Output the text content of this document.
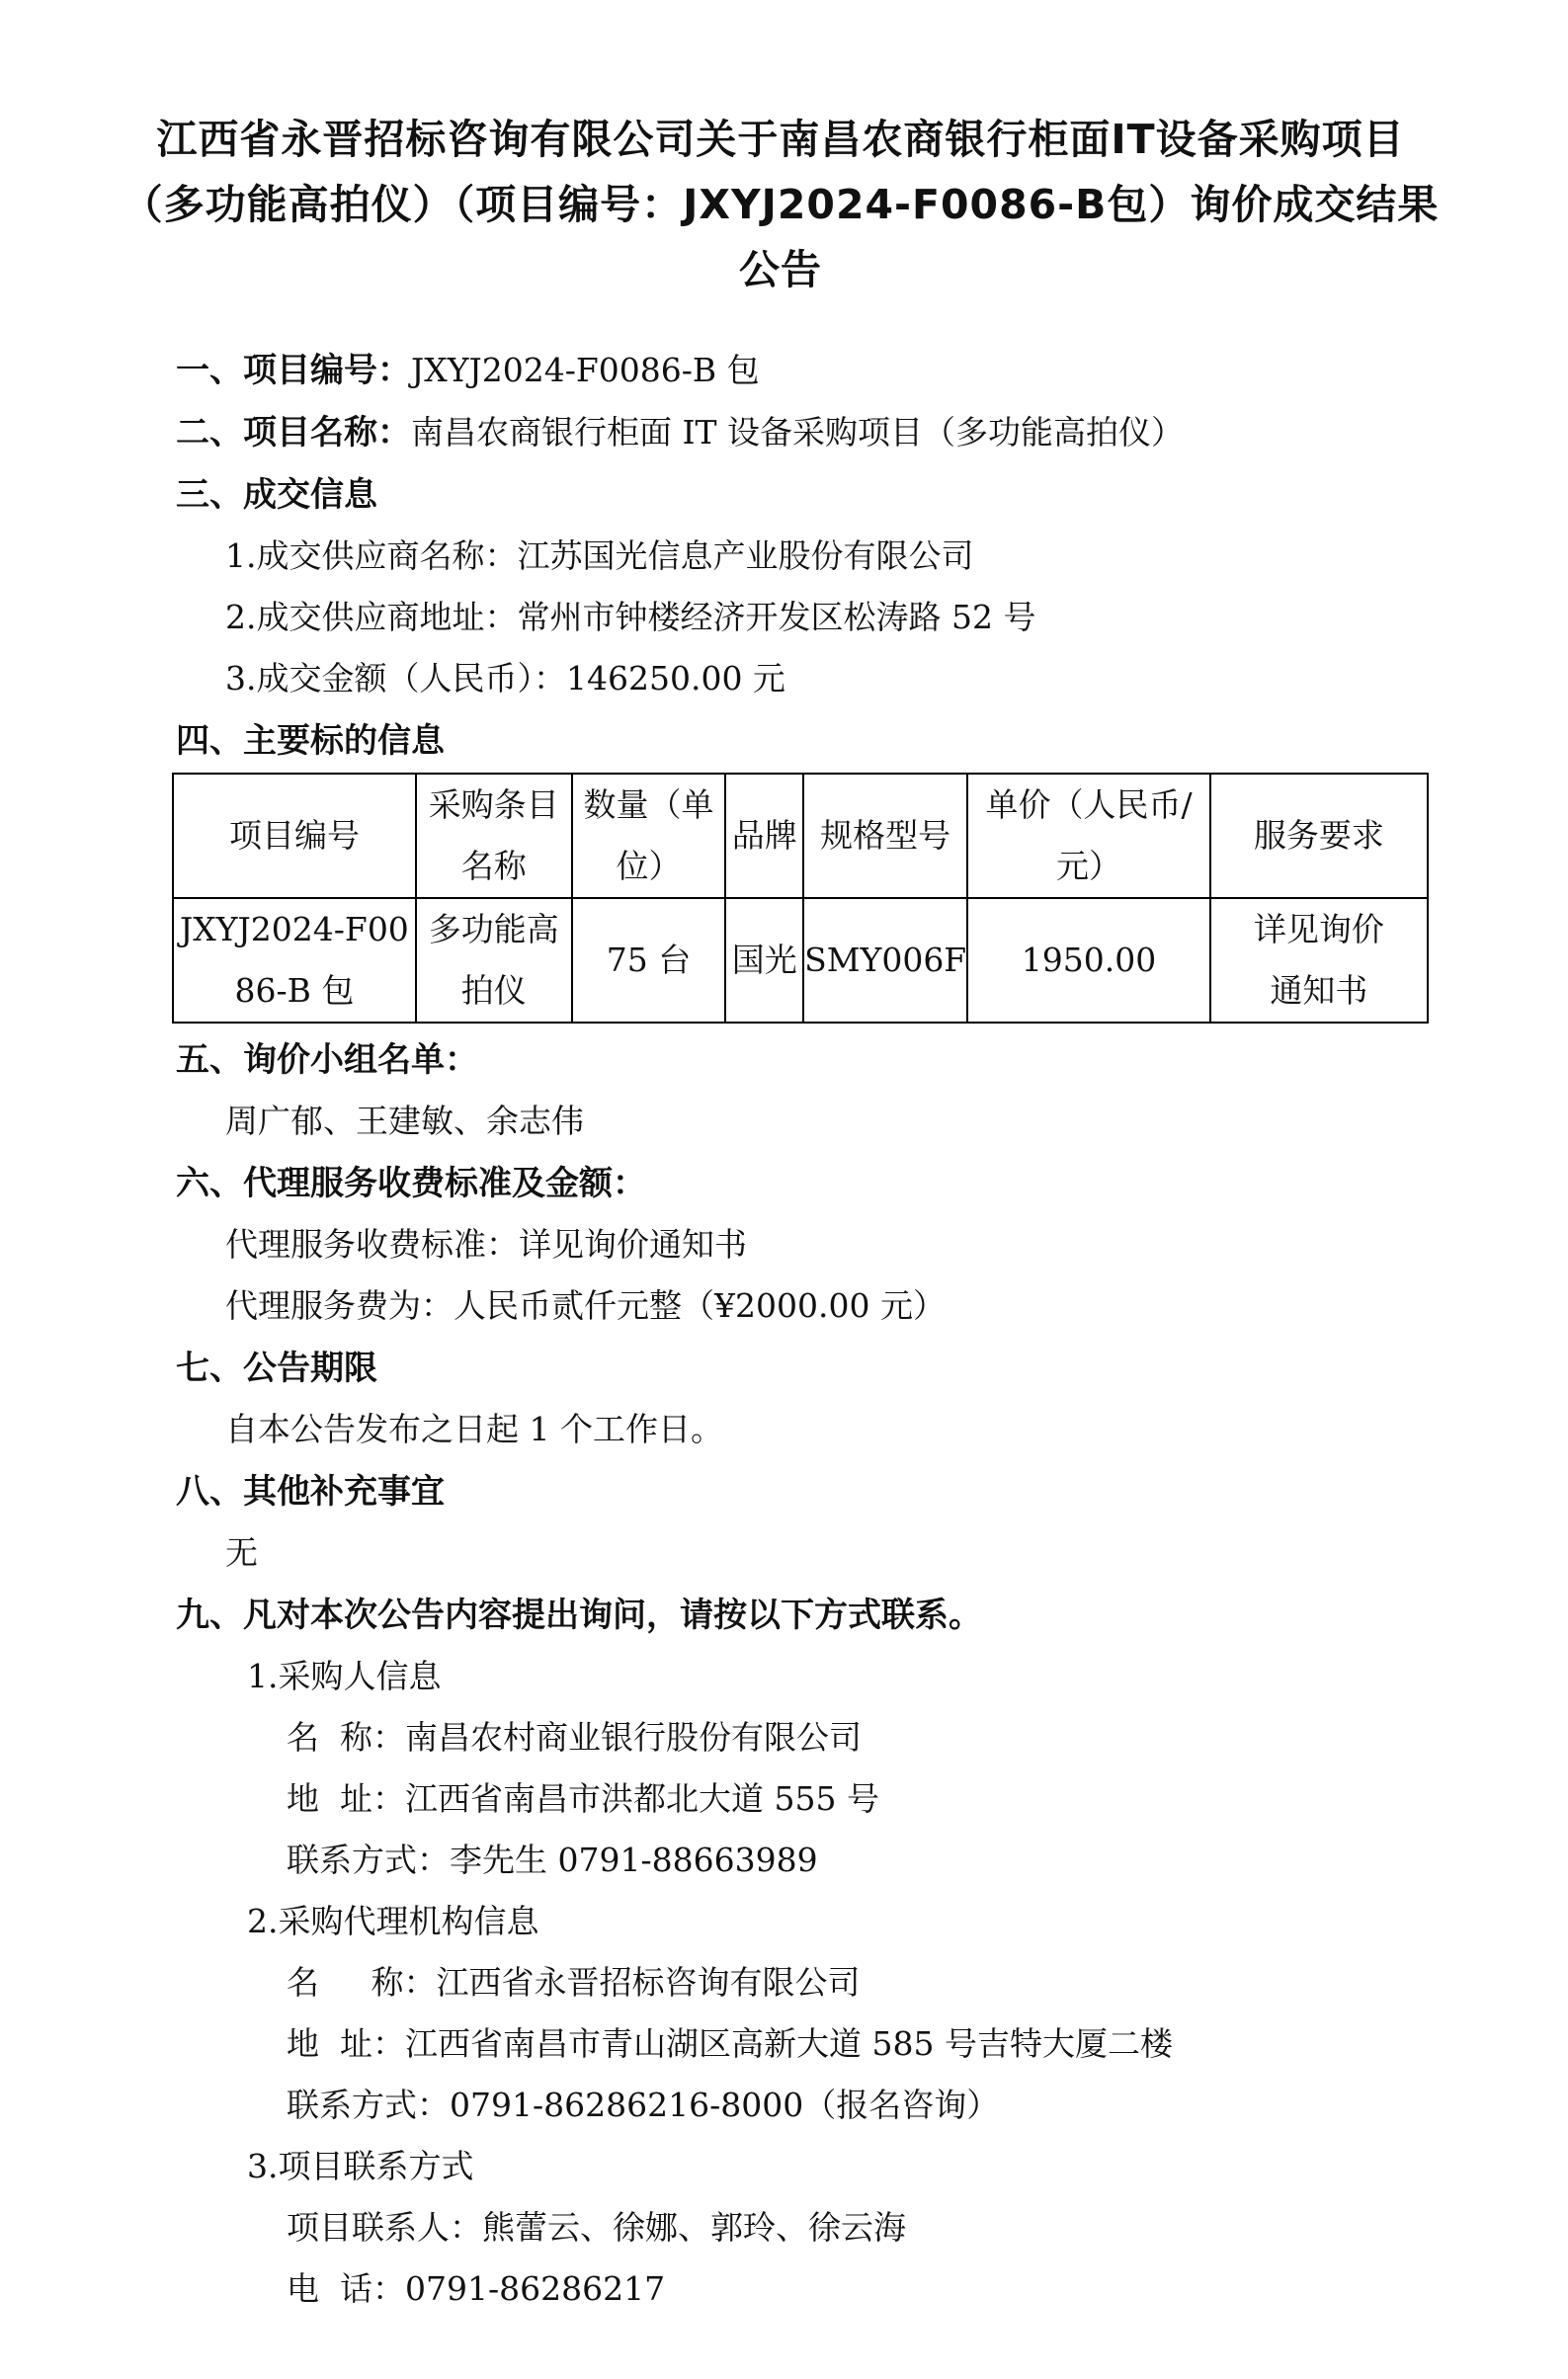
江西省永晋招标咨询有限公司关于南昌农商银行柜面IT设备采购项目（多功能高拍仪）（项目编号：JXYJ2024-F0086-B包）询价成交结果公告
一、项目编号：JXYJ2024-F0086-B 包
二、项目名称：南昌农商银行柜面 IT 设备采购项目（多功能高拍仪）
三、成交信息
1.成交供应商名称：江苏国光信息产业股份有限公司
2.成交供应商地址：常州市钟楼经济开发区松涛路 52 号
3.成交金额（人民币）：146250.00 元
四、主要标的信息
项目编号	采购条目名称	数量（单位）	品牌	规格型号	单价（人民币/元）	服务要求
JXYJ2024-F0086-B 包	多功能高拍仪	75 台	国光	SMY006F	1950.00	详见询价通知书
五、询价小组名单：
周广郁、王建敏、余志伟
六、代理服务收费标准及金额：
代理服务收费标准：详见询价通知书
代理服务费为：人民币贰仟元整（¥2000.00 元）
七、公告期限
自本公告发布之日起 1 个工作日。
八、其他补充事宜
无
九、凡对本次公告内容提出询问，请按以下方式联系。
1.采购人信息
名  称：南昌农村商业银行股份有限公司
地  址：江西省南昌市洪都北大道 555 号
联系方式：李先生 0791-88663989
2.采购代理机构信息
名     称：江西省永晋招标咨询有限公司
地  址：江西省南昌市青山湖区高新大道 585 号吉特大厦二楼
联系方式：0791-86286216-8000（报名咨询）
3.项目联系方式
项目联系人：熊蕾云、徐娜、郭玲、徐云海
电  话：0791-86286217
